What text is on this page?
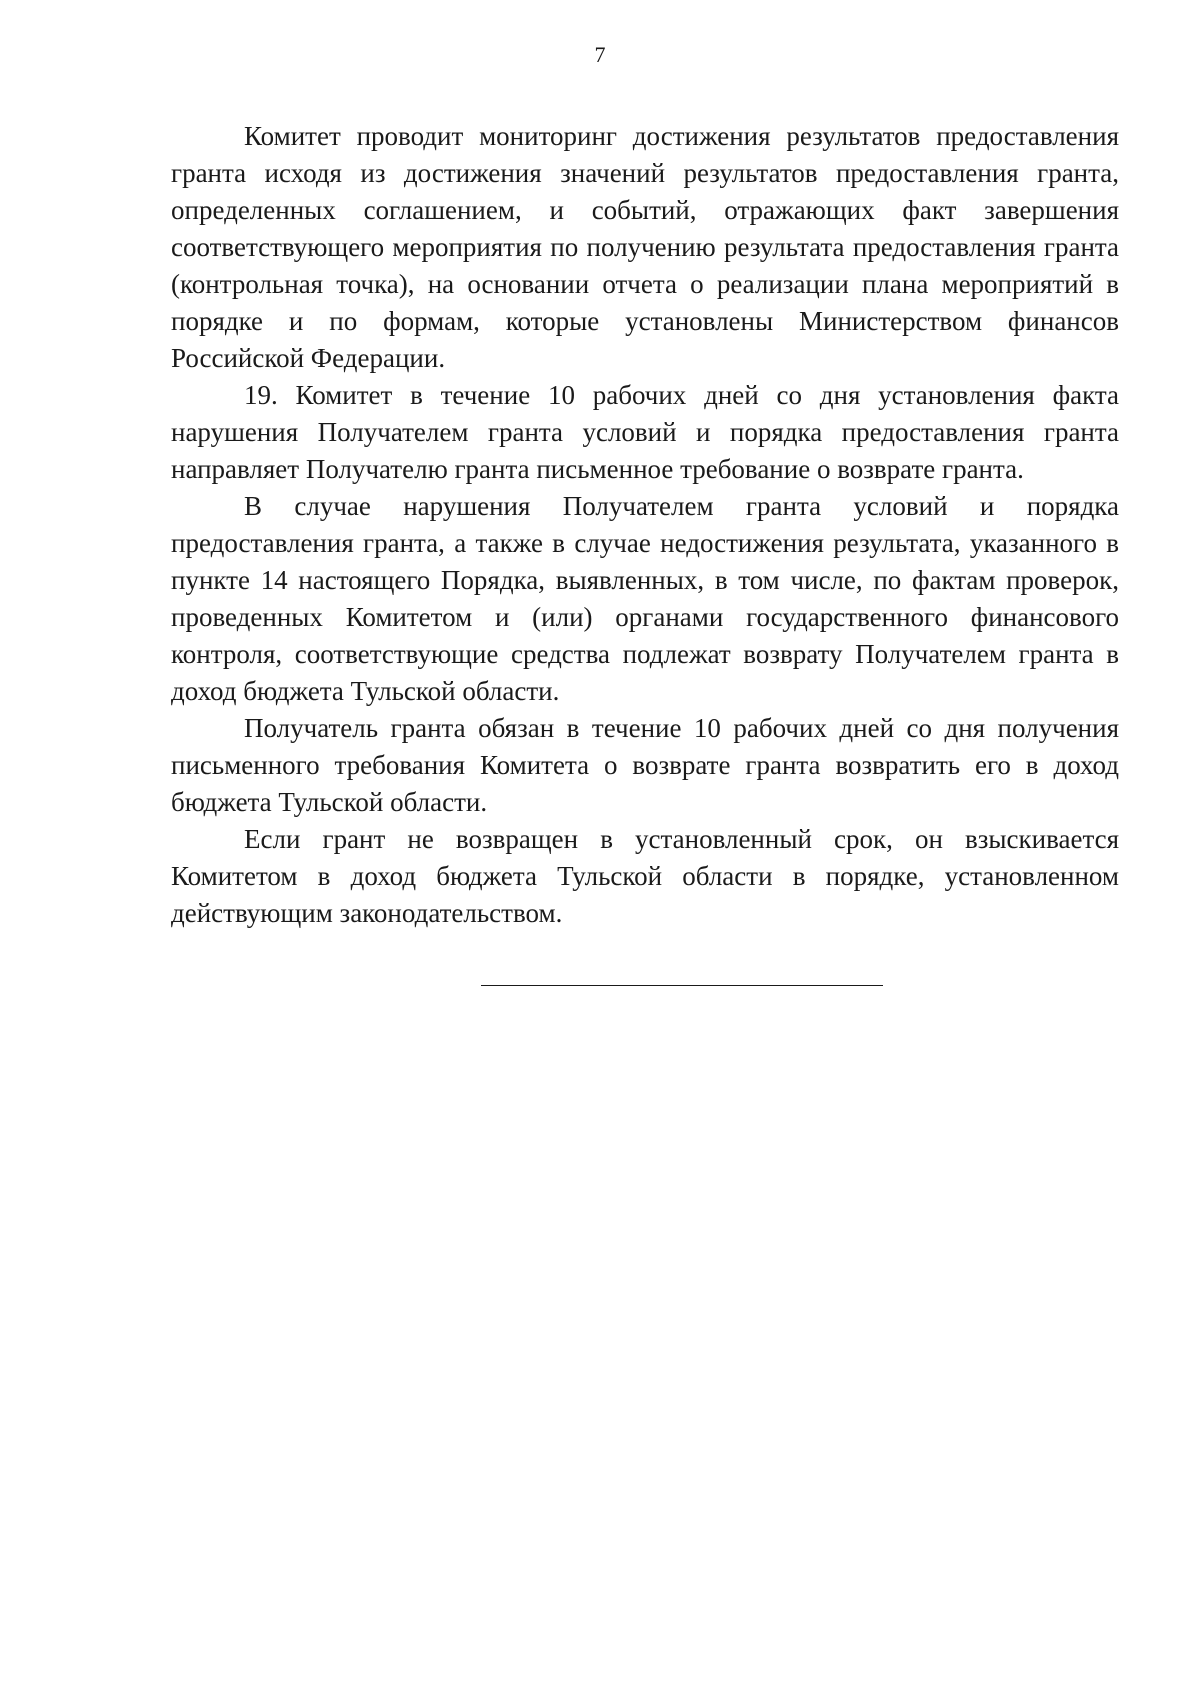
7

Комитет проводит мониторинг достижения результатов предоставления гранта исходя из достижения значений результатов предоставления гранта, определенных соглашением, и событий, отражающих факт завершения соответствующего мероприятия по получению результата предоставления гранта (контрольная точка), на основании отчета о реализации плана мероприятий в порядке и по формам, которые установлены Министерством финансов Российской Федерации.

19. Комитет в течение 10 рабочих дней со дня установления факта нарушения Получателем гранта условий и порядка предоставления гранта направляет Получателю гранта письменное требование о возврате гранта.

В случае нарушения Получателем гранта условий и порядка предоставления гранта, а также в случае недостижения результата, указанного в пункте 14 настоящего Порядка, выявленных, в том числе, по фактам проверок, проведенных Комитетом и (или) органами государственного финансового контроля, соответствующие средства подлежат возврату Получателем гранта в доход бюджета Тульской области.

Получатель гранта обязан в течение 10 рабочих дней со дня получения письменного требования Комитета о возврате гранта возвратить его в доход бюджета Тульской области.

Если грант не возвращен в установленный срок, он взыскивается Комитетом в доход бюджета Тульской области в порядке, установленном действующим законодательством.
